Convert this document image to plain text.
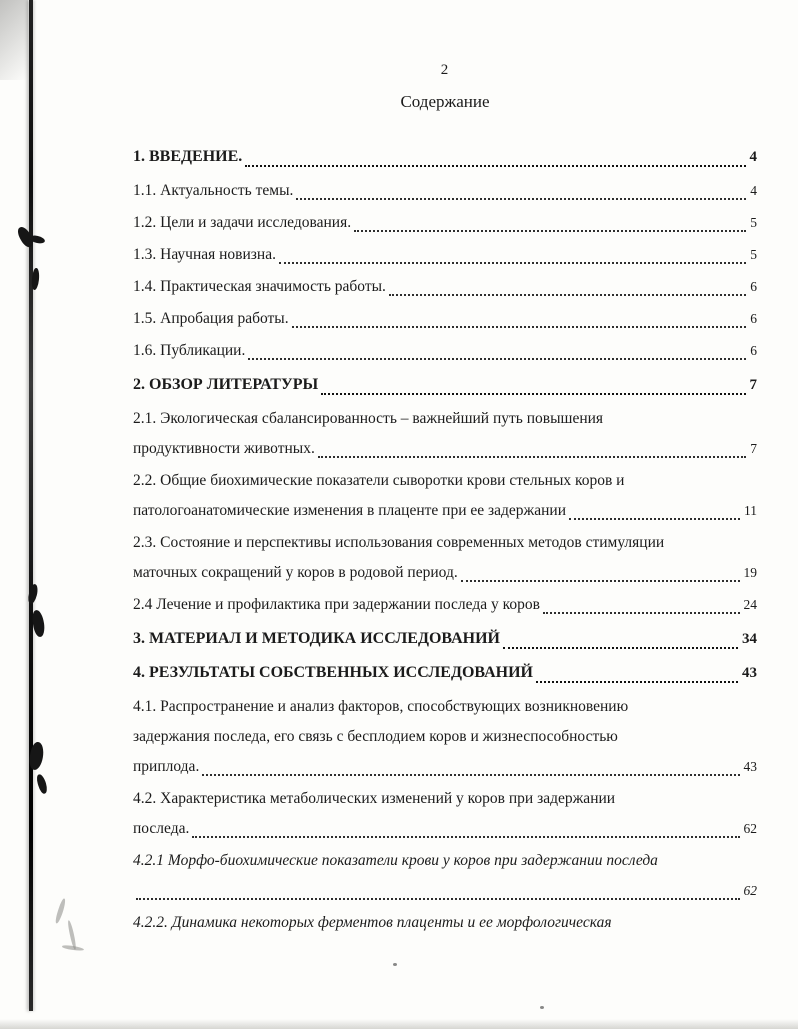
2
Содержание
1. ВВЕДЕНИЕ.	4
1.1. Актуальность темы.	4
1.2. Цели и задачи исследования.	5
1.3. Научная новизна.	5
1.4. Практическая значимость работы.	6
1.5. Апробация работы.	6
1.6. Публикации.	6
2. ОБЗОР ЛИТЕРАТУРЫ	7
2.1. Экологическая сбалансированность – важнейший путь повышения
продуктивности животных.	7
2.2. Общие биохимические показатели сыворотки крови стельных коров и
патологоанатомические изменения в плаценте при ее задержании	11
2.3. Состояние и перспективы использования современных методов стимуляции
маточных сокращений у коров в родовой период.	19
2.4 Лечение и профилактика при задержании последа у коров	24
3. МАТЕРИАЛ И МЕТОДИКА ИССЛЕДОВАНИЙ	34
4. РЕЗУЛЬТАТЫ СОБСТВЕННЫХ ИССЛЕДОВАНИЙ	43
4.1. Распространение и анализ факторов, способствующих возникновению
задержания последа, его связь с бесплодием коров и жизнеспособностью
приплода.	43
4.2. Характеристика метаболических изменений у коров при задержании
последа.	62
4.2.1 Морфо-биохимические показатели крови у коров при задержании последа
62
4.2.2. Динамика некоторых ферментов плаценты и ее морфологическая
